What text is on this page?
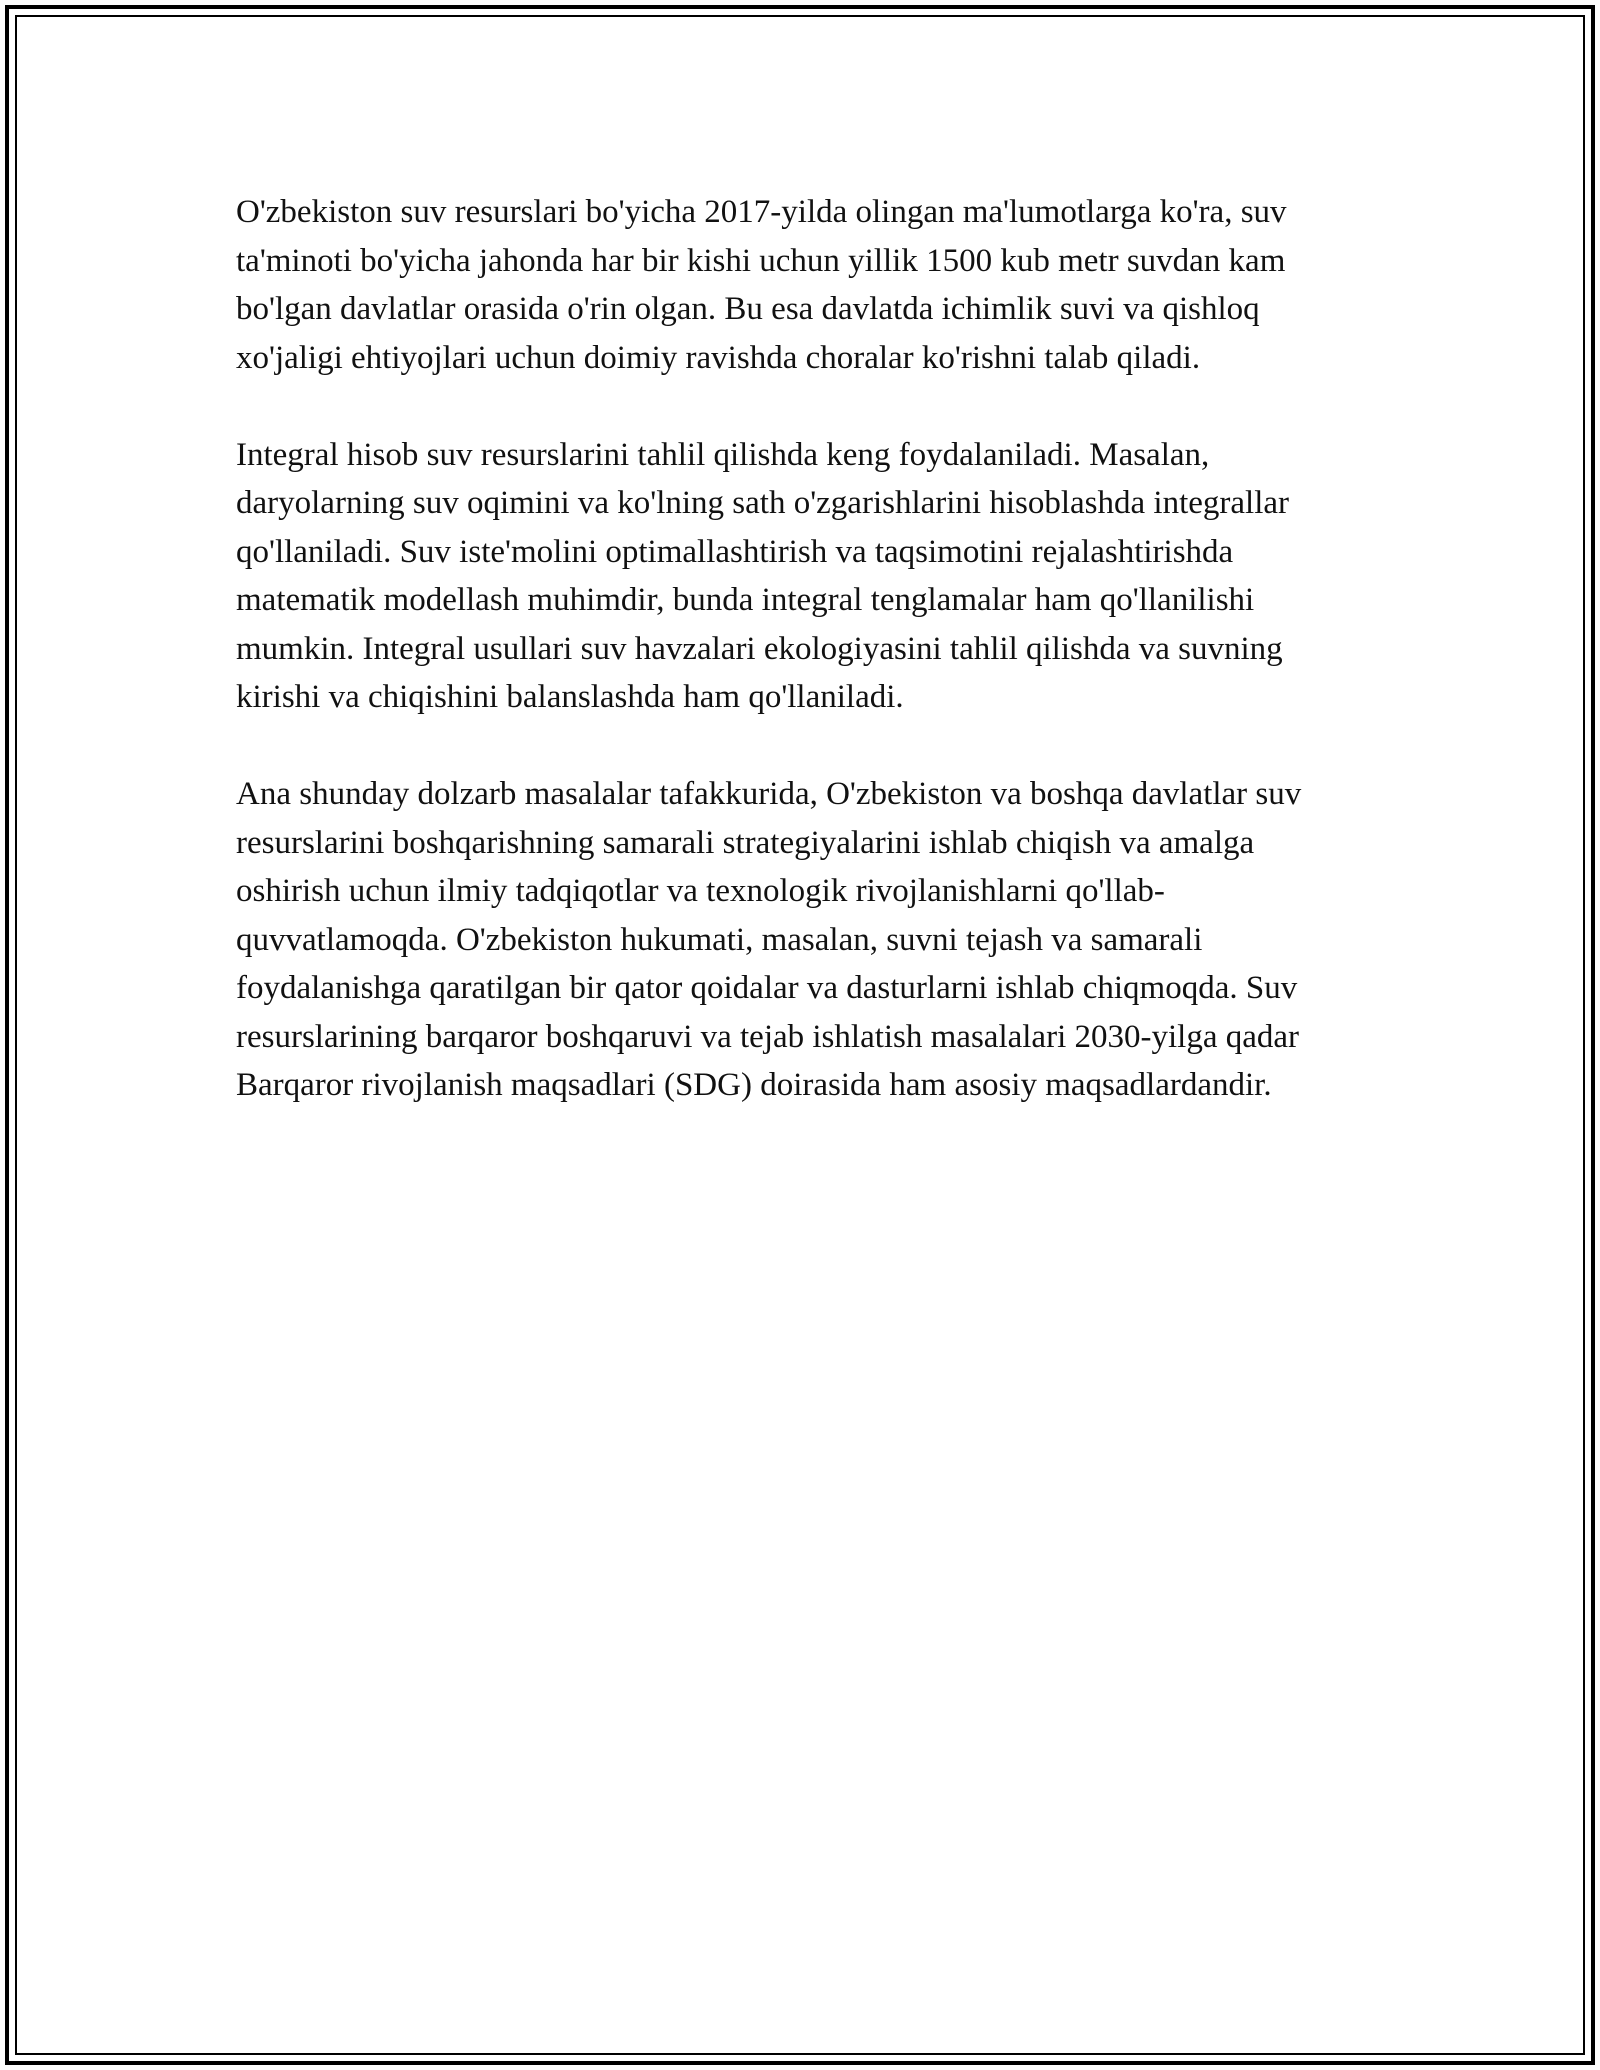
O'zbekiston suv resurslari bo'yicha 2017-yilda olingan ma'lumotlarga ko'ra, suv ta'minoti bo'yicha jahonda har bir kishi uchun yillik 1500 kub metr suvdan kam bo'lgan davlatlar orasida o'rin olgan. Bu esa davlatda ichimlik suvi va qishloq xo'jaligi ehtiyojlari uchun doimiy ravishda choralar ko'rishni talab qiladi.

Integral hisob suv resurslarini tahlil qilishda keng foydalaniladi. Masalan, daryolarning suv oqimini va ko'lning sath o'zgarishlarini hisoblashda integrallar qo'llaniladi. Suv iste'molini optimallashtirish va taqsimotini rejalashtirishda matematik modellash muhimdir, bunda integral tenglamalar ham qo'llanilishi mumkin. Integral usullari suv havzalari ekologiyasini tahlil qilishda va suvning kirishi va chiqishini balanslashda ham qo'llaniladi.

Ana shunday dolzarb masalalar tafakkurida, O'zbekiston va boshqa davlatlar suv resurslarini boshqarishning samarali strategiyalarini ishlab chiqish va amalga oshirish uchun ilmiy tadqiqotlar va texnologik rivojlanishlarni qo'llab-quvvatlamoqda. O'zbekiston hukumati, masalan, suvni tejash va samarali foydalanishga qaratilgan bir qator qoidalar va dasturlarni ishlab chiqmoqda. Suv resurslarining barqaror boshqaruvi va tejab ishlatish masalalari 2030-yilga qadar Barqaror rivojlanish maqsadlari (SDG) doirasida ham asosiy maqsadlardandir.
